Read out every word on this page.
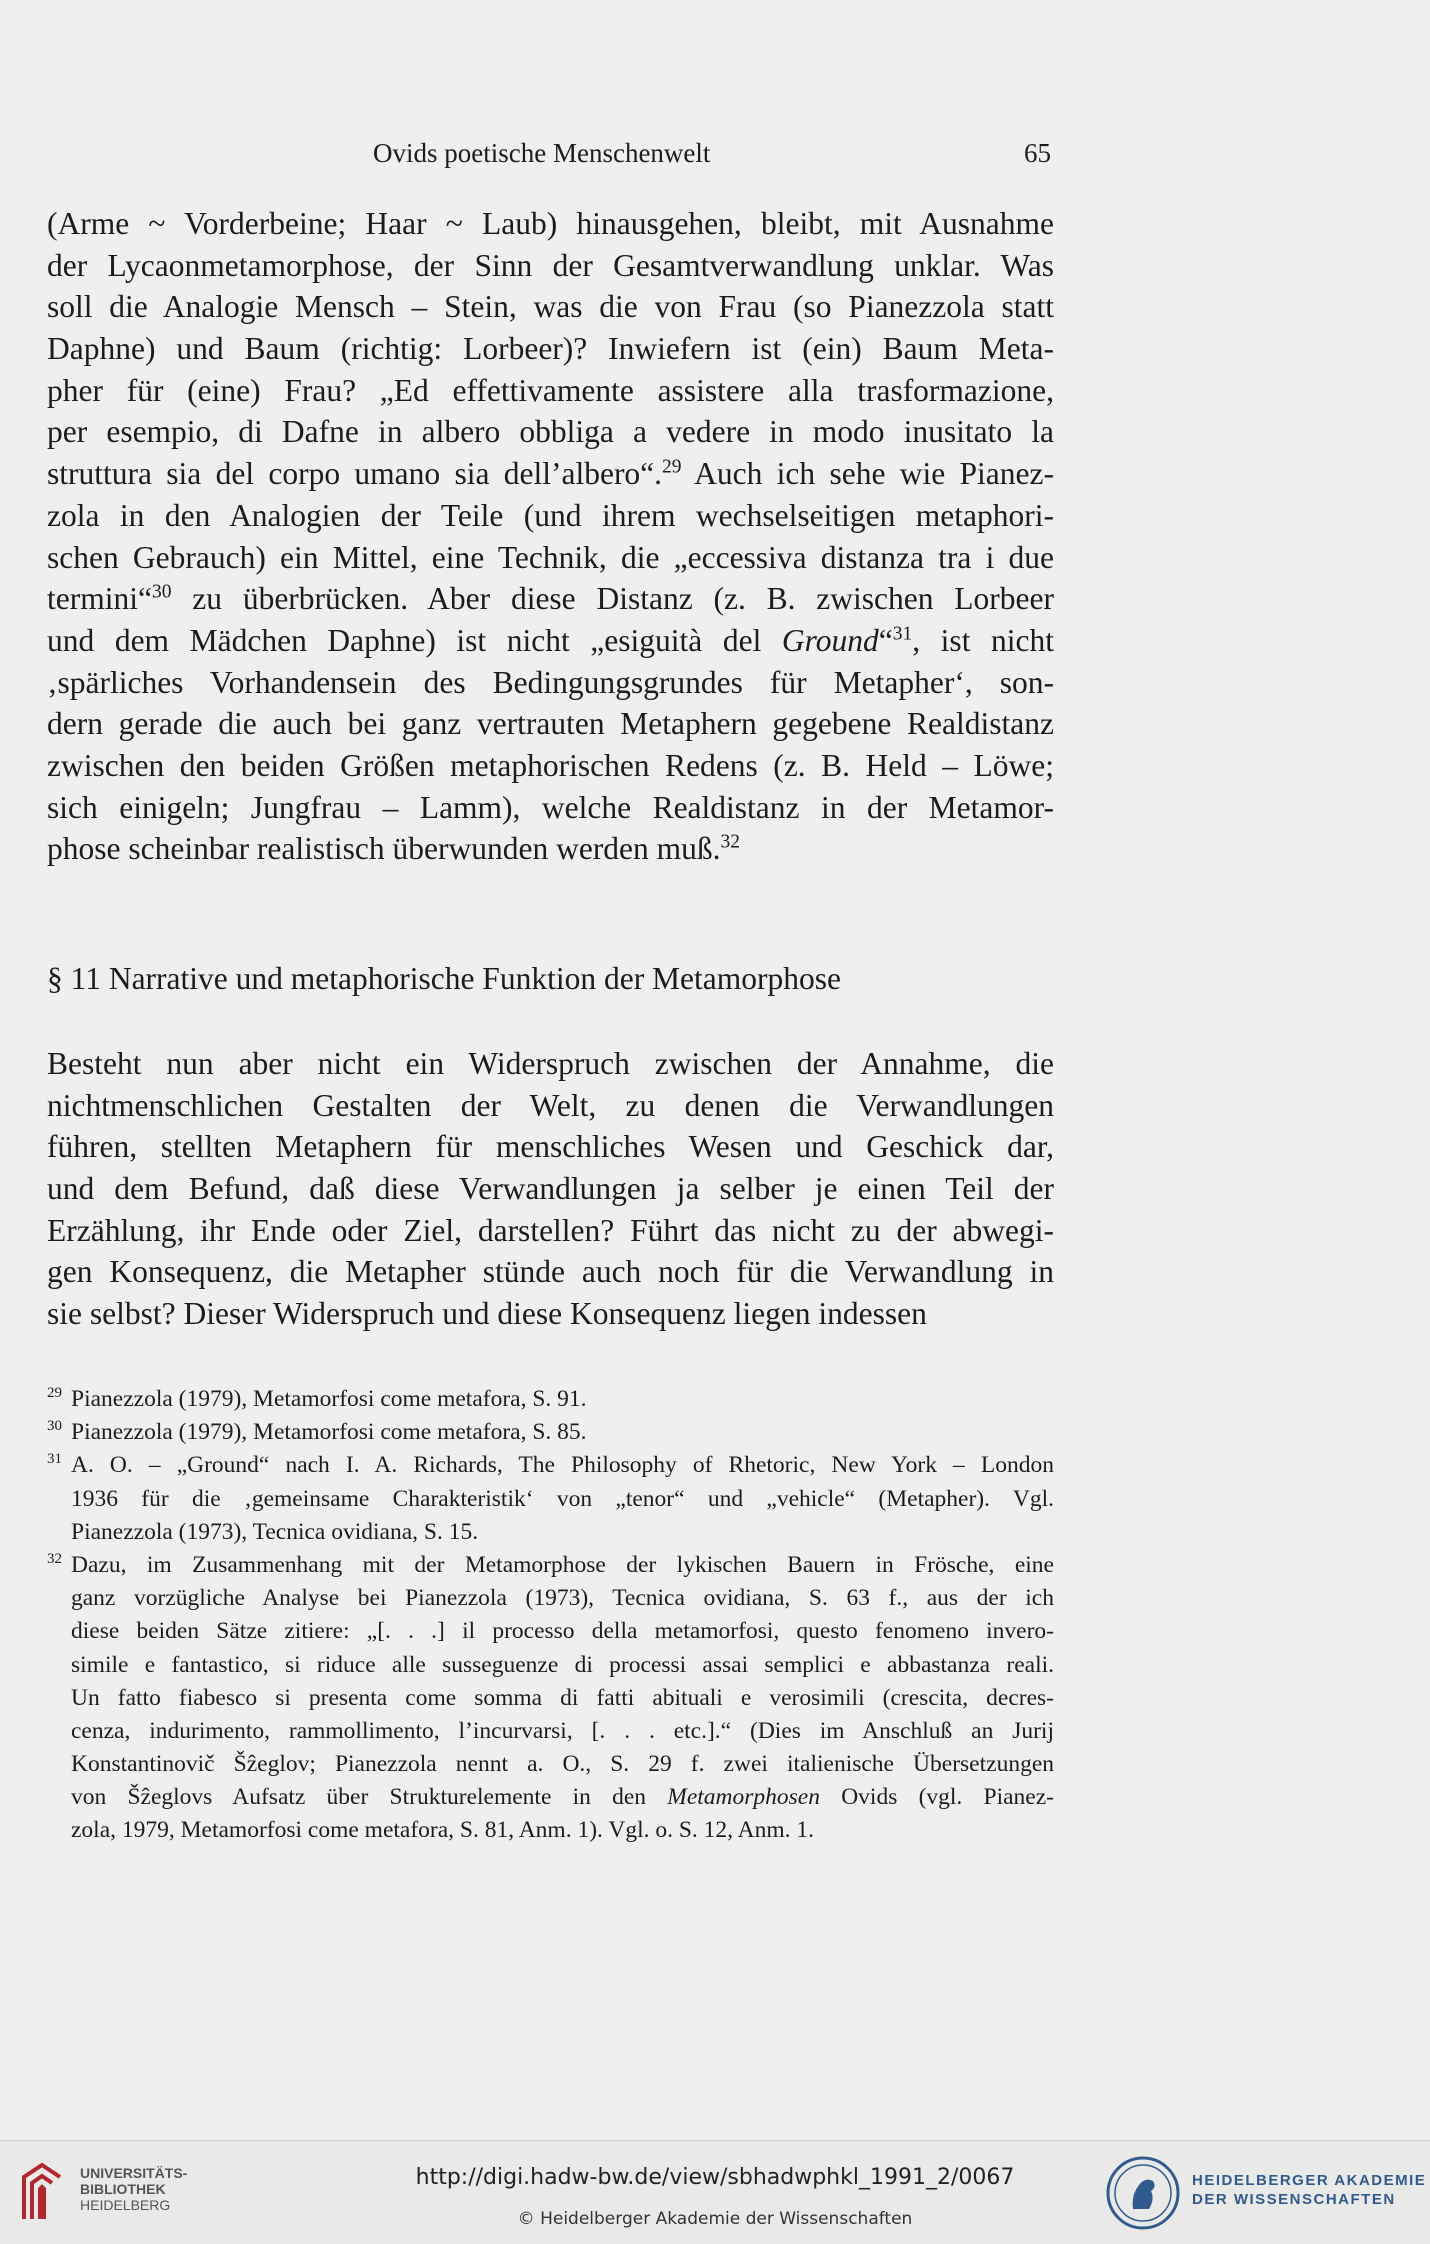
Ovids poetische Menschenwelt	65
(Arme ~ Vorderbeine; Haar ~ Laub) hinausgehen, bleibt, mit Ausnahme
der Lycaonmetamorphose, der Sinn der Gesamtverwandlung unklar. Was
soll die Analogie Mensch – Stein, was die von Frau (so Pianezzola statt
Daphne) und Baum (richtig: Lorbeer)? Inwiefern ist (ein) Baum Meta-
pher für (eine) Frau? „Ed effettivamente assistere alla trasformazione,
per esempio, di Dafne in albero obbliga a vedere in modo inusitato la
struttura sia del corpo umano sia dell’albero“.$^{29}$ Auch ich sehe wie Pianez-
zola in den Analogien der Teile (und ihrem wechselseitigen metaphori-
schen Gebrauch) ein Mittel, eine Technik, die „eccessiva distanza tra i due
termini“$^{30}$ zu überbrücken. Aber diese Distanz (z. B. zwischen Lorbeer
und dem Mädchen Daphne) ist nicht „esiguità del Ground“$^{31}$, ist nicht
‚spärliches Vorhandensein des Bedingungsgrundes für Metapher‘, son-
dern gerade die auch bei ganz vertrauten Metaphern gegebene Realdistanz
zwischen den beiden Größen metaphorischen Redens (z. B. Held – Löwe;
sich einigeln; Jungfrau – Lamm), welche Realdistanz in der Metamor-
phose scheinbar realistisch überwunden werden muß.$^{32}$
§ 11 Narrative und metaphorische Funktion der Metamorphose
Besteht nun aber nicht ein Widerspruch zwischen der Annahme, die
nichtmenschlichen Gestalten der Welt, zu denen die Verwandlungen
führen, stellten Metaphern für menschliches Wesen und Geschick dar,
und dem Befund, daß diese Verwandlungen ja selber je einen Teil der
Erzählung, ihr Ende oder Ziel, darstellen? Führt das nicht zu der abwegi-
gen Konsequenz, die Metapher stünde auch noch für die Verwandlung in
sie selbst? Dieser Widerspruch und diese Konsequenz liegen indessen
29 Pianezzola (1979), Metamorfosi come metafora, S. 91.
30 Pianezzola (1979), Metamorfosi come metafora, S. 85.
31 A. O. – „Ground“ nach I. A. Richards, The Philosophy of Rhetoric, New York – London
1936 für die ‚gemeinsame Charakteristik‘ von „tenor“ und „vehicle“ (Metapher). Vgl.
Pianezzola (1973), Tecnica ovidiana, S. 15.
32 Dazu, im Zusammenhang mit der Metamorphose der lykischen Bauern in Frösche, eine
ganz vorzügliche Analyse bei Pianezzola (1973), Tecnica ovidiana, S. 63 f., aus der ich
diese beiden Sätze zitiere: „[. . .] il processo della metamorfosi, questo fenomeno invero-
simile e fantastico, si riduce alle susseguenze di processi assai semplici e abbastanza reali.
Un fatto fiabesco si presenta come somma di fatti abituali e verosimili (crescita, decres-
cenza, indurimento, rammollimento, l’incurvarsi, [. . . etc.].“ (Dies im Anschluß an Jurij
Konstantinovič Šẑeglov; Pianezzola nennt a. O., S. 29 f. zwei italienische Übersetzungen
von Šẑeglovs Aufsatz über Strukturelemente in den Metamorphosen Ovids (vgl. Pianez-
zola, 1979, Metamorfosi come metafora, S. 81, Anm. 1). Vgl. o. S. 12, Anm. 1.
UNIVERSITÄTS-
BIBLIOTHEK
HEIDELBERG
http://digi.hadw-bw.de/view/sbhadwphkl_1991_2/0067
© Heidelberger Akademie der Wissenschaften
HEIDELBERGER AKADEMIE
DER WISSENSCHAFTEN
